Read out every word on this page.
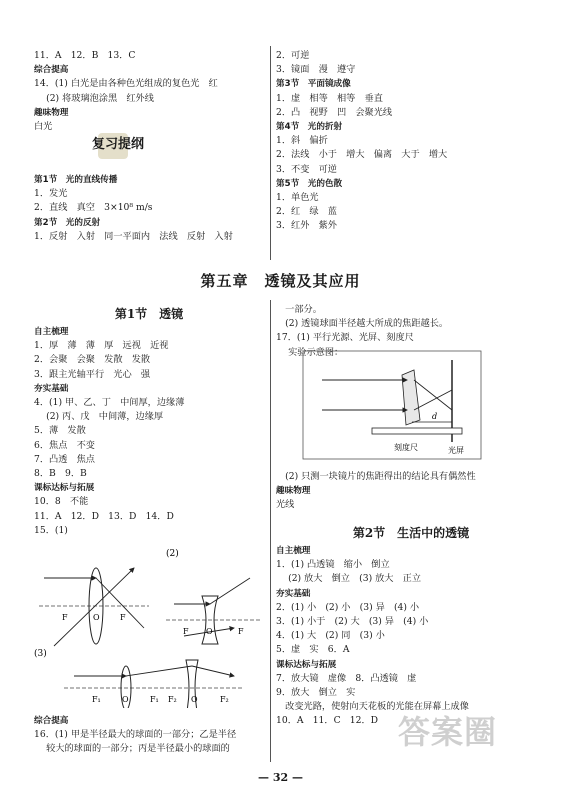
11．A　12．B　13．C
综合提高
14．(1) 白光是由各种色光组成的复色光　红
　 (2) 将玻璃泡涂黑　红外线
趣味物理
白光
复习提纲
第1节　光的直线传播
1．发光
2．直线　真空　3×10⁸ m/s
第2节　光的反射
1．反射　入射　同一平面内　法线　反射　入射
2．可逆
3．镜面　漫　遵守
第3节　平面镜成像
1．虚　相等　相等　垂直
2．凸　视野　凹　会聚光线
第4节　光的折射
1．斜　偏折
2．法线　小于　增大　偏离　大于　增大
3．不变　可逆
第5节　光的色散
1．单色光
2．红　绿　蓝
3．红外　紫外
第五章　透镜及其应用
第1节　透镜
自主梳理
1．厚　薄　薄　厚　远视　近视
2．会聚　会聚　发散　发散
3．跟主光轴平行　光心　强
夯实基础
4．(1) 甲、乙、丁　中间厚，边缘薄
　 (2) 丙、戊　中间薄，边缘厚
5．薄　发散
6．焦点　不变
7．凸透　焦点
8．B　9．B
课标达标与拓展
10．8　不能
11．A　12．D　13．D　14．D
15．(1)
F	O	F
(2)
F O	F
(3)
F₁	O	F₁ F₂ O	F₂
综合提高
16．(1) 甲是半径最大的球面的一部分；乙是半径
　 较大的球面的一部分；丙是半径最小的球面的
　一部分。
　(2) 透镜球面半径越大所成的焦距越长。
17．(1) 平行光源、光屏、刻度尺
　 实验示意图：
d
刻度尺	光屏
　(2) 只测一块镜片的焦距得出的结论具有偶然性
趣味物理
光线
第2节　生活中的透镜
自主梳理
1．(1) 凸透镜　缩小　倒立
　 (2) 放大　倒立　(3) 放大　正立
夯实基础
2．(1) 小　(2) 小　(3) 异　(4) 小
3．(1) 小于　(2) 大　(3) 异　(4) 小
4．(1) 大　(2) 同　(3) 小
5．虚　实　6．A
课标达标与拓展
7．放大镜　虚像　8．凸透镜　虚
9．放大　倒立　实
　改变光路，使射向天花板的光能在屏幕上成像
10．A　11．C　12．D 答案圈
— 32 —
